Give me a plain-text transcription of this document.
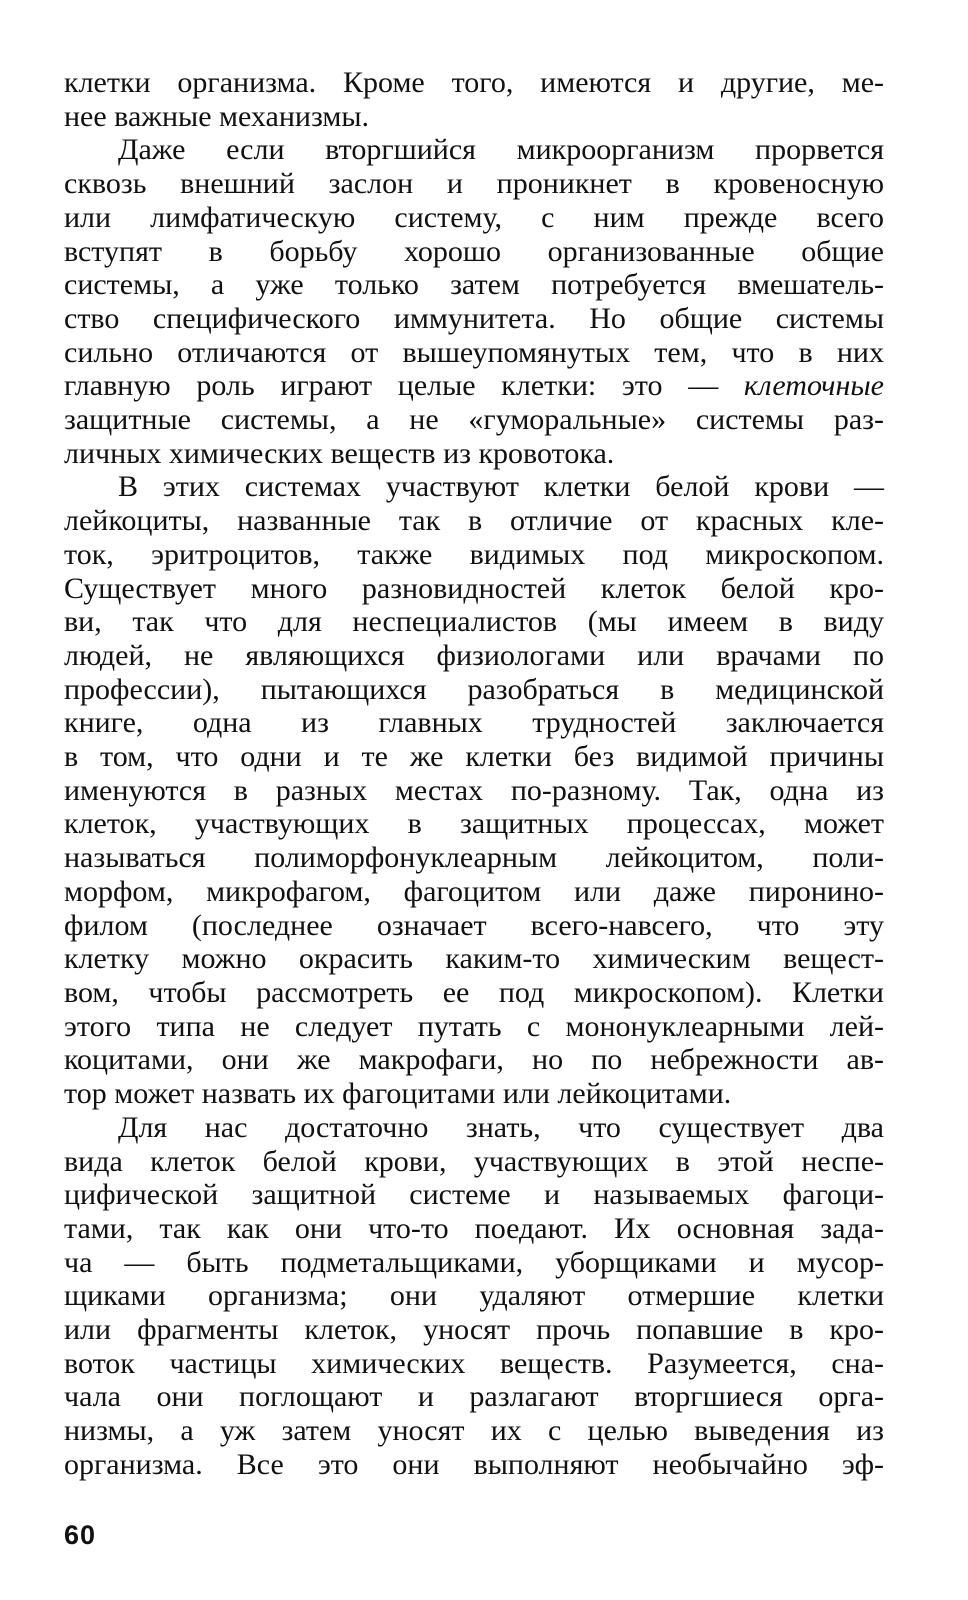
клетки организма. Кроме того, имеются и другие, ме-
нее важные механизмы.

Даже если вторгшийся микроорганизм прорвется
сквозь внешний заслон и проникнет в кровеносную
или лимфатическую систему, с ним прежде всего
вступят в борьбу хорошо организованные общие
системы, а уже только затем потребуется вмешатель-
ство специфического иммунитета. Но общие системы
сильно отличаются от вышеупомянутых тем, что в них
главную роль играют целые клетки: это — клеточные
защитные системы, а не «гуморальные» системы раз-
личных химических веществ из кровотока.

В этих системах участвуют клетки белой крови —
лейкоциты, названные так в отличие от красных кле-
ток, эритроцитов, также видимых под микроскопом.
Существует много разновидностей клеток белой кро-
ви, так что для неспециалистов (мы имеем в виду
людей, не являющихся физиологами или врачами по
профессии), пытающихся разобраться в медицинской
книге, одна из главных трудностей заключается
в том, что одни и те же клетки без видимой причины
именуются в разных местах по-разному. Так, одна из
клеток, участвующих в защитных процессах, может
называться полиморфонуклеарным лейкоцитом, поли-
морфом, микрофагом, фагоцитом или даже пиронино-
филом (последнее означает всего-навсего, что эту
клетку можно окрасить каким-то химическим вещест-
вом, чтобы рассмотреть ее под микроскопом). Клетки
этого типа не следует путать с мононуклеарными лей-
коцитами, они же макрофаги, но по небрежности ав-
тор может назвать их фагоцитами или лейкоцитами.

Для нас достаточно знать, что существует два
вида клеток белой крови, участвующих в этой неспе-
цифической защитной системе и называемых фагоци-
тами, так как они что-то поедают. Их основная зада-
ча — быть подметальщиками, уборщиками и мусор-
щиками организма; они удаляют отмершие клетки
или фрагменты клеток, уносят прочь попавшие в кро-
воток частицы химических веществ. Разумеется, сна-
чала они поглощают и разлагают вторгшиеся орга-
низмы, а уж затем уносят их с целью выведения из
организма. Все это они выполняют необычайно эф-

60
